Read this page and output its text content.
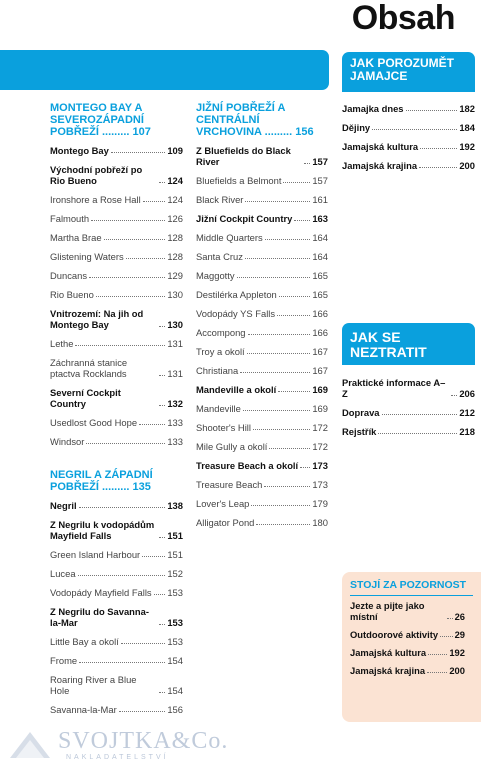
Obsah
MONTEGO BAY A SEVEROZÁPADNÍ POBŘEŽÍ ......... 107
Montego Bay	109
Východní pobřeží po Rio Bueno	124
Ironshore a Rose Hall	124
Falmouth	126
Martha Brae	128
Glistening Waters	128
Duncans	129
Rio Bueno	130
Vnitrozemí: Na jih od Montego Bay	130
Lethe	131
Záchranná stanice ptactva Rocklands	131
Severní Cockpit Country	132
Usedlost Good Hope	133
Windsor	133
NEGRIL A ZÁPADNÍ POBŘEŽÍ ......... 135
Negril	138
Z Negrilu k vodopádům Mayfield Falls	151
Green Island Harbour	151
Lucea	152
Vodopády Mayfield Falls 153
Z Negrilu do Savanna-la-Mar	153
Little Bay a okolí	153
Frome	154
Roaring River a Blue Hole	154
Savanna-la-Mar	156
JIŽNÍ POBŘEŽÍ A CENTRÁLNÍ VRCHOVINA ......... 156
Z Bluefields do Black River	157
Bluefields a Belmont	157
Black River	161
Jižní Cockpit Country 163
Middle Quarters	164
Santa Cruz	164
Maggotty	165
Destilérka Appleton	165
Vodopády YS Falls	166
Accompong	166
Troy a okolí	167
Christiana	167
Mandeville a okolí	169
Mandeville	169
Shooter's Hill	172
Mile Gully a okolí	172
Treasure Beach a okolí 173
Treasure Beach	173
Lover's Leap	179
Alligator Pond	180
JAK POROZUMĚT JAMAJCE
Jamajka dnes	182
Dějiny	184
Jamajská kultura	192
Jamajská krajina	200
JAK SE NEZTRATIT
Praktické informace A–Z	206
Doprava	212
Rejstřík	218
STOJÍ ZA POZORNOST
Jezte a pijte jako místní	26
Outdoorové aktivity 29
Jamajská kultura 192
Jamajská krajina	200
SVOJTKA&Co.
NAKLADATELSTVÍ
